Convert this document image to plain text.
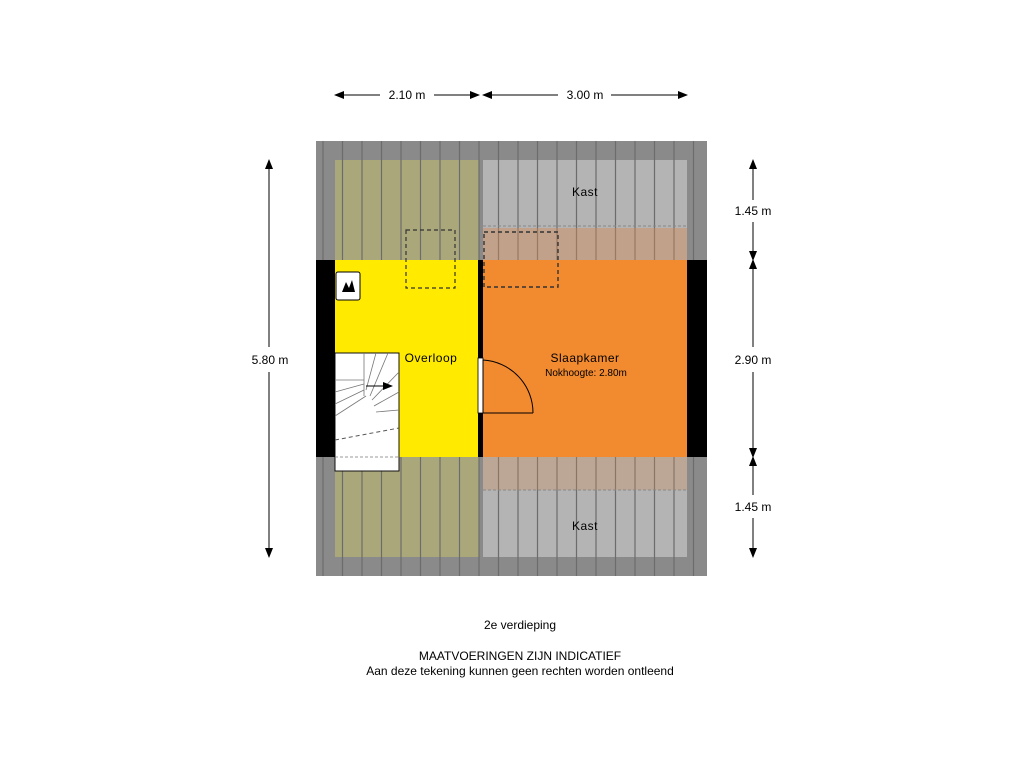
2.10 m	3.00 m
5.80 m
1.45 m
2.90 m
1.45 m
Kast
Overloop	Slaapkamer
Nokhoogte: 2.80m
Kast

2e verdieping

MAATVOERINGEN ZIJN INDICATIEF

Aan deze tekening kunnen geen rechten worden ontleend
